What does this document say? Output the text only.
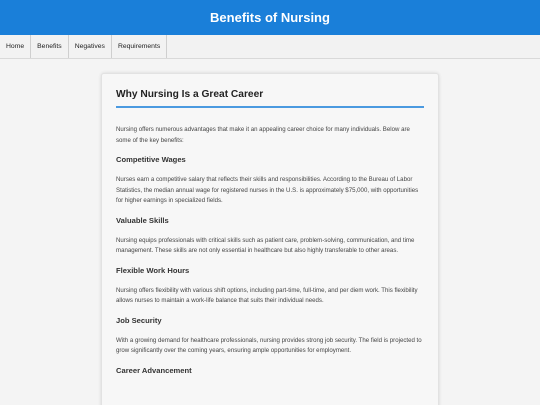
Benefits of Nursing
Home	Benefits	Negatives	Requirements
Why Nursing Is a Great Career

Nursing offers numerous advantages that make it an appealing career choice for many individuals. Below are some of the key benefits:

Competitive Wages

Nurses earn a competitive salary that reflects their skills and responsibilities. According to the Bureau of Labor Statistics, the median annual wage for registered nurses in the U.S. is approximately $75,000, with opportunities for higher earnings in specialized fields.

Valuable Skills

Nursing equips professionals with critical skills such as patient care, problem-solving, communication, and time management. These skills are not only essential in healthcare but also highly transferable to other areas.

Flexible Work Hours

Nursing offers flexibility with various shift options, including part-time, full-time, and per diem work. This flexibility allows nurses to maintain a work-life balance that suits their individual needs.

Job Security

With a growing demand for healthcare professionals, nursing provides strong job security. The field is projected to grow significantly over the coming years, ensuring ample opportunities for employment.

Career Advancement
